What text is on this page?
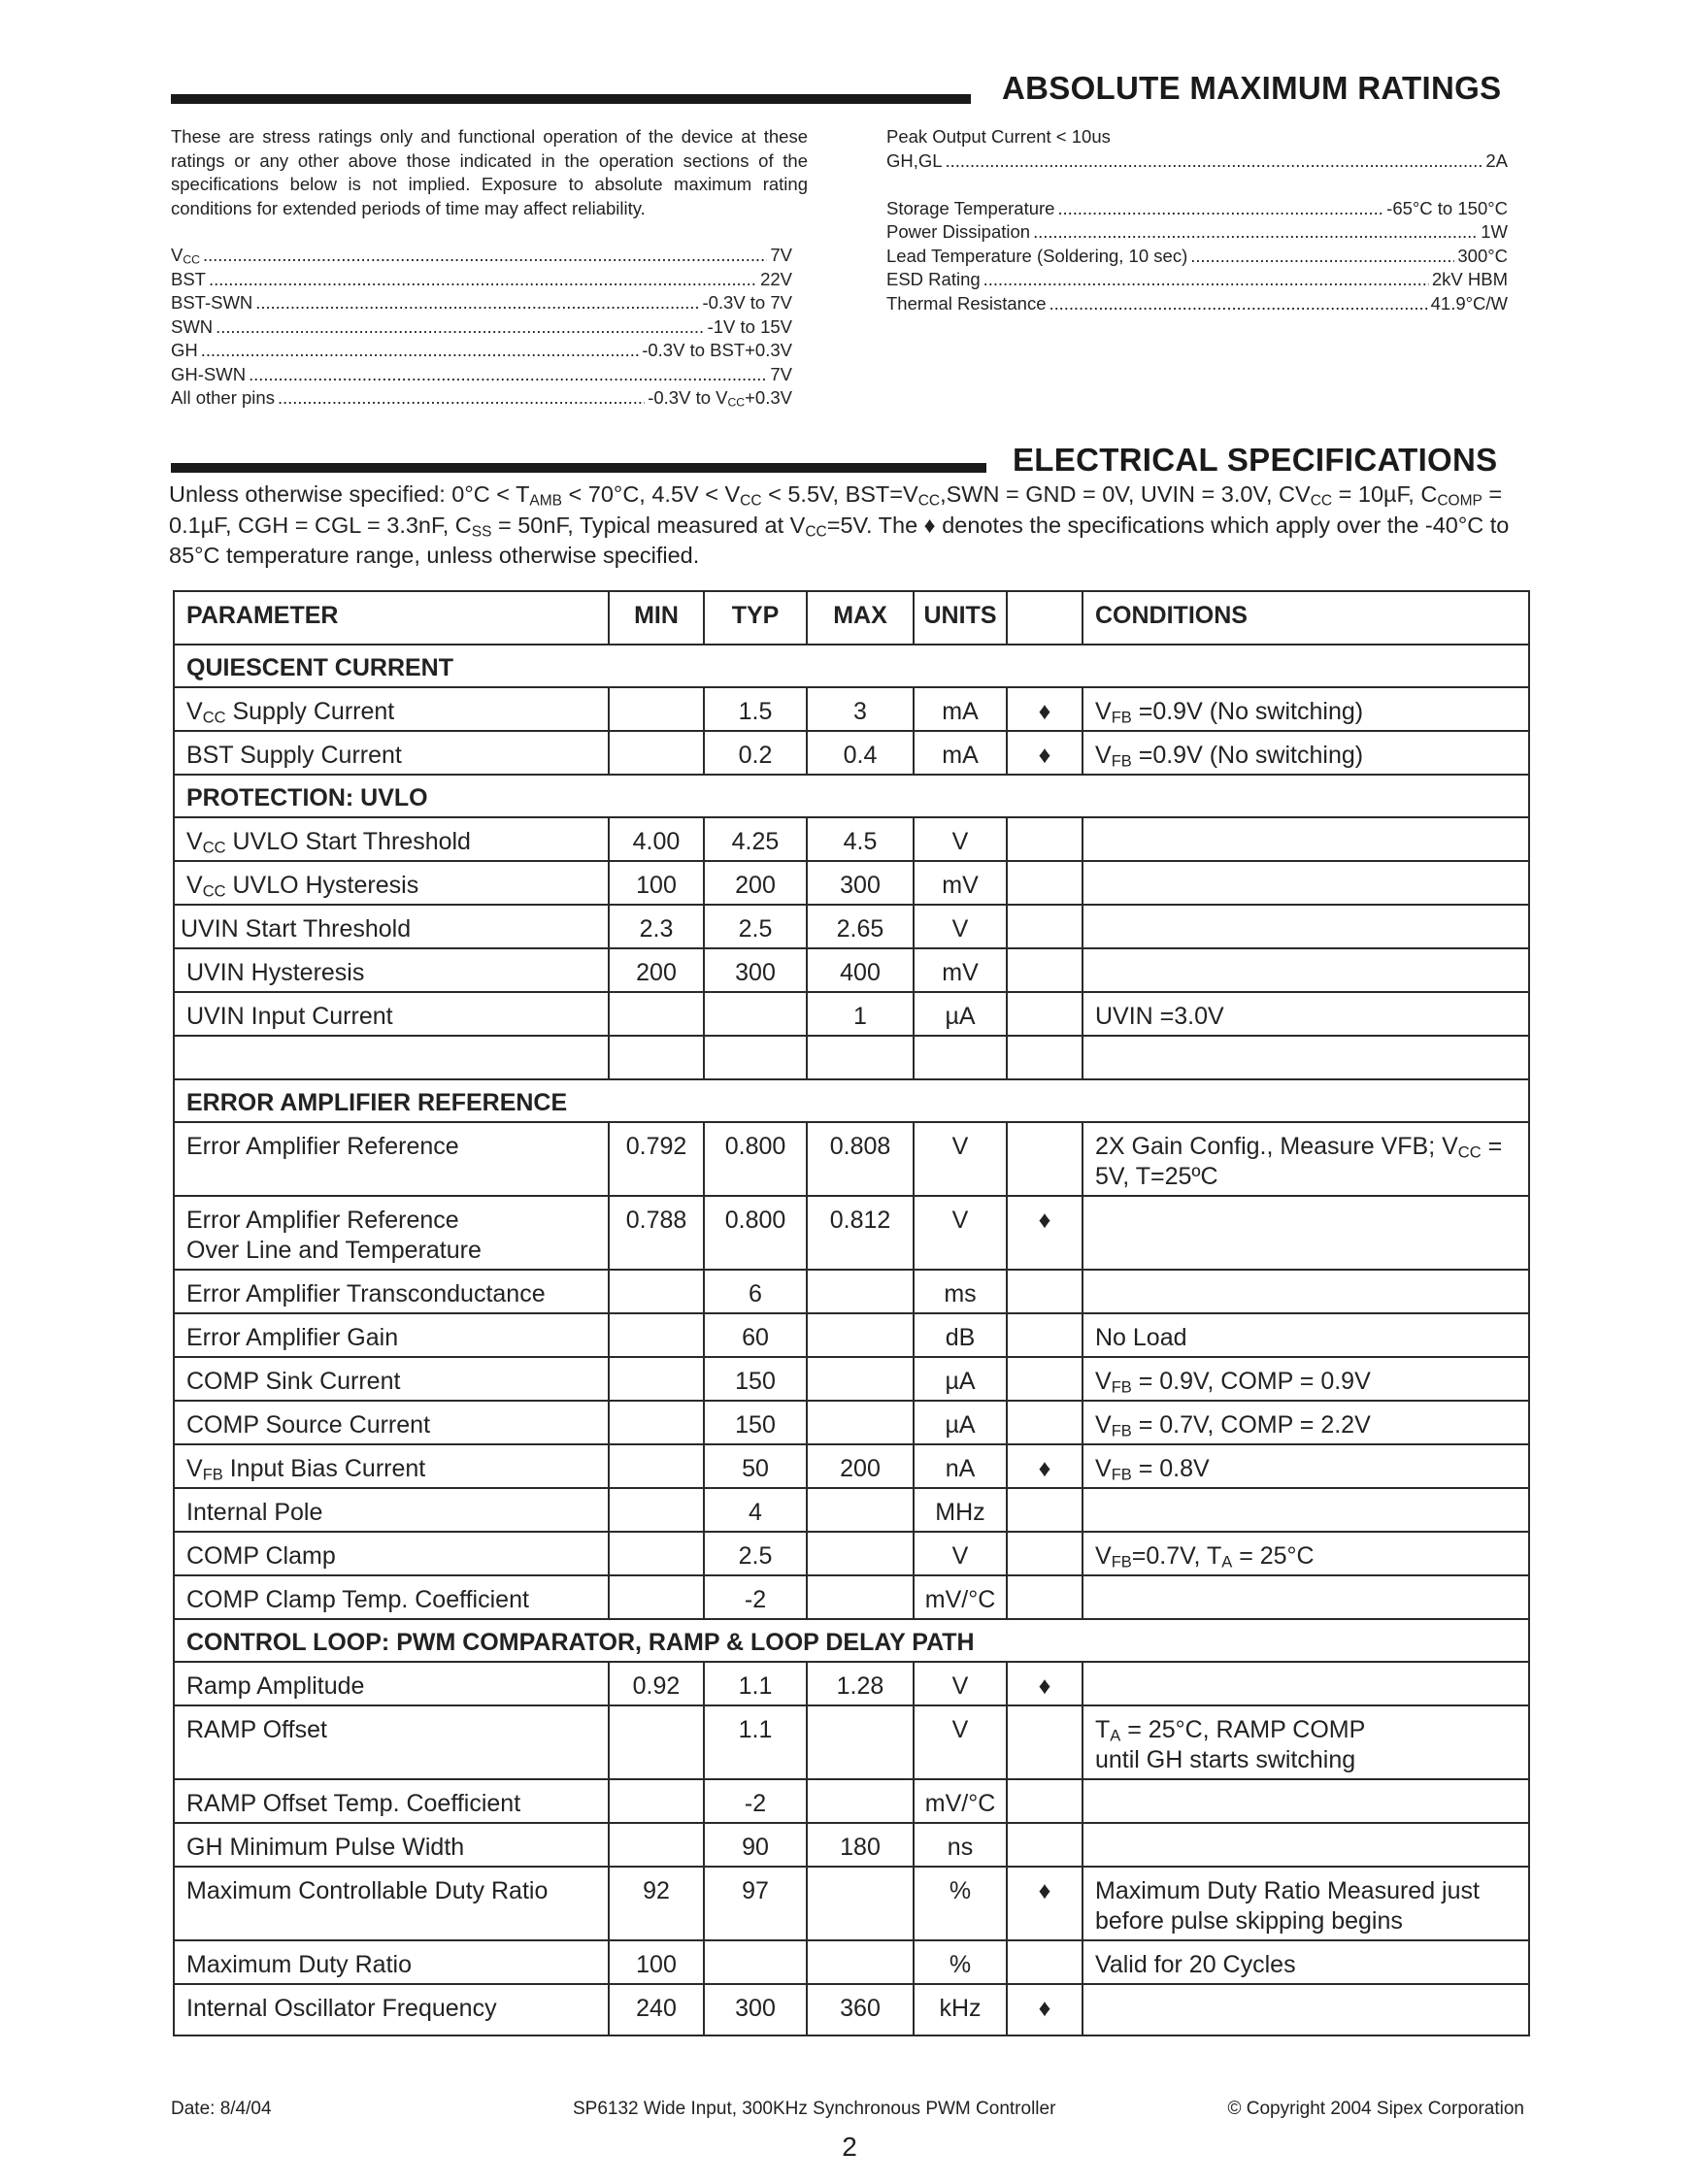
ABSOLUTE MAXIMUM RATINGS
These are stress ratings only and functional operation of the device at these ratings or any other above those indicated in the operation sections of the specifications below is not implied. Exposure to absolute maximum rating conditions for extended periods of time may affect reliability.
$V_{CC}$ . . .	7V
BST . . .	22V
BST-SWN . . .	-0.3V to 7V
SWN . . .	-1V to 15V
GH . . .	-0.3V to BST+0.3V
GH-SWN . . .	7V
All other pins . . .	-0.3V to $V_{CC}+0.3V$
Peak Output Current < 10us
GH,GL . . .	2A
Storage Temperature . . .	-65°C to 150°C
Power Dissipation . . .	1W
Lead Temperature (Soldering, 10 sec) . . .	300°C
ESD Rating . . .	2kV HBM
Thermal Resistance . . .	41.9°C/W
ELECTRICAL SPECIFICATIONS
Unless otherwise specified: $0^\circ C < T_{AMB} < 70^\circ C$, $4.5V < V_{CC} < 5.5V$, $BST=V_{CC},SWN$ = GND = 0V, UVIN = 3.0V, $CV_{CC} = 10\mu F$, $C_{COMP} = 0.1\mu F$, CGH = CGL = 3.3nF, $C_{SS} = 50nF$, Typical measured at $V_{CC}=5V$. The ♦ denotes the specifications which apply over the -40°C to 85°C temperature range, unless otherwise specified.
PARAMETER	MIN	TYP	MAX	UNITS		CONDITIONS
QUIESCENT CURRENT						
$V_{CC}$ Supply Current		1.5	3	mA	♦	$V_{FB} =0.9V$ (No switching)
BST Supply Current		0.2	0.4	mA	♦	$V_{FB} =0.9V$ (No switching)
PROTECTION: UVLO						
$V_{CC}$ UVLO Start Threshold	4.00	4.25	4.5	V		
$V_{CC}$ UVLO Hysteresis	100	200	300	mV		
UVIN Start Threshold	2.3	2.5	2.65	V		
UVIN Hysteresis	200	300	400	mV		
UVIN Input Current			1	µA		UVIN =3.0V

ERROR AMPLIFIER REFERENCE						
Error Amplifier Reference	0.792	0.800	0.808	V		2X Gain Config., Measure VFB; $V_{CC} = 5V$, T=25ºC
Error Amplifier Reference
Over Line and Temperature	0.788	0.800	0.812	V	♦	
Error Amplifier Transconductance		6		ms		
Error Amplifier Gain		60		dB		No Load
COMP Sink Current		150		µA		$V_{FB} = 0.9V$, COMP = 0.9V
COMP Source Current		150		µA		$V_{FB} = 0.7V$, COMP = 2.2V
$V_{FB}$ Input Bias Current		50	200	nA	♦	$V_{FB} = 0.8V$
Internal Pole		4		MHz		
COMP Clamp		2.5		V		$V_{FB}=0.7V$, $T_A = 25^\circ C$
COMP Clamp Temp. Coefficient		-2		mV/°C		
CONTROL LOOP: PWM COMPARATOR, RAMP & LOOP DELAY PATH						
Ramp Amplitude	0.92	1.1	1.28	V	♦	
RAMP Offset		1.1		V		$T_A = 25^\circ C$, RAMP COMP
until GH starts switching
RAMP Offset Temp. Coefficient		-2		mV/°C		
GH Minimum Pulse Width		90	180	ns		
Maximum Controllable Duty Ratio	92	97		%	♦	Maximum Duty Ratio Measured just before pulse skipping begins
Maximum Duty Ratio	100			%		Valid for 20 Cycles
Internal Oscillator Frequency	240	300	360	kHz	♦	
Date: 8/4/04	SP6132 Wide Input, 300KHz Synchronous PWM Controller	© Copyright 2004 Sipex Corporation
2
